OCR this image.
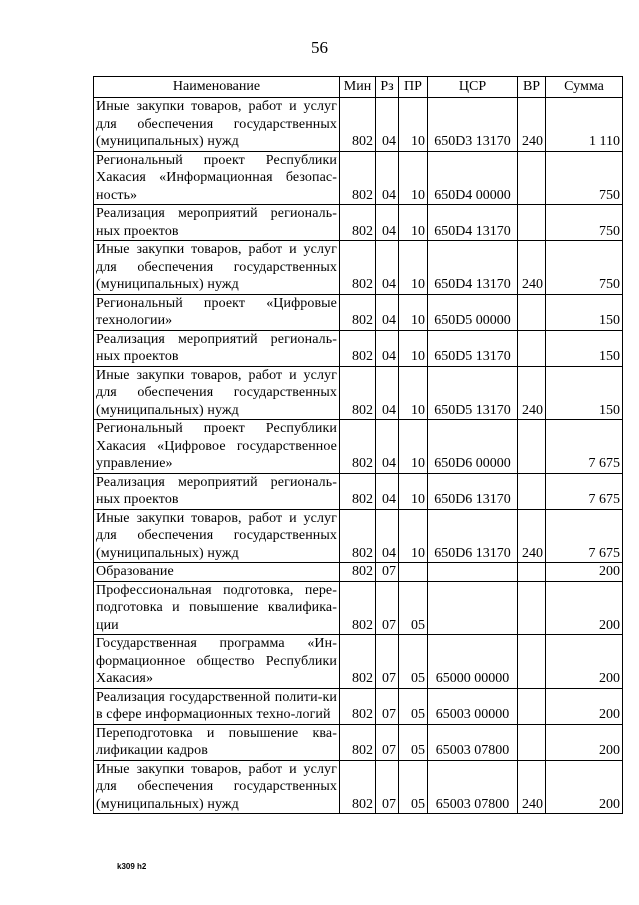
56
Наименование	Мин	Рз	ПР	ЦСР	ВР	Сумма
Иные закупки товаров, работ и услуг для обеспечения государственных (муниципальных) нужд	802	04	10	650D3 13170	240	1 110
Региональный проект Республики Хакасия «Информационная безопас-ность»	802	04	10	650D4 00000		750
Реализация мероприятий региональ-ных проектов	802	04	10	650D4 13170		750
Иные закупки товаров, работ и услуг для обеспечения государственных (муниципальных) нужд	802	04	10	650D4 13170	240	750
Региональный проект «Цифровые технологии»	802	04	10	650D5 00000		150
Реализация мероприятий региональ-ных проектов	802	04	10	650D5 13170		150
Иные закупки товаров, работ и услуг для обеспечения государственных (муниципальных) нужд	802	04	10	650D5 13170	240	150
Региональный проект Республики Хакасия «Цифровое государственное управление»	802	04	10	650D6 00000		7 675
Реализация мероприятий региональ-ных проектов	802	04	10	650D6 13170		7 675
Иные закупки товаров, работ и услуг для обеспечения государственных (муниципальных) нужд	802	04	10	650D6 13170	240	7 675
Образование	802	07				200
Профессиональная подготовка, пере-подготовка и повышение квалифика-ции	802	07	05			200
Государственная программа «Ин-формационное общество Республики Хакасия»	802	07	05	65000 00000		200
Реализация государственной полити-ки в сфере информационных техно-логий	802	07	05	65003 00000		200
Переподготовка и повышение ква-лификации кадров	802	07	05	65003 07800		200
Иные закупки товаров, работ и услуг для обеспечения государственных (муниципальных) нужд	802	07	05	65003 07800	240	200
k309 h2
